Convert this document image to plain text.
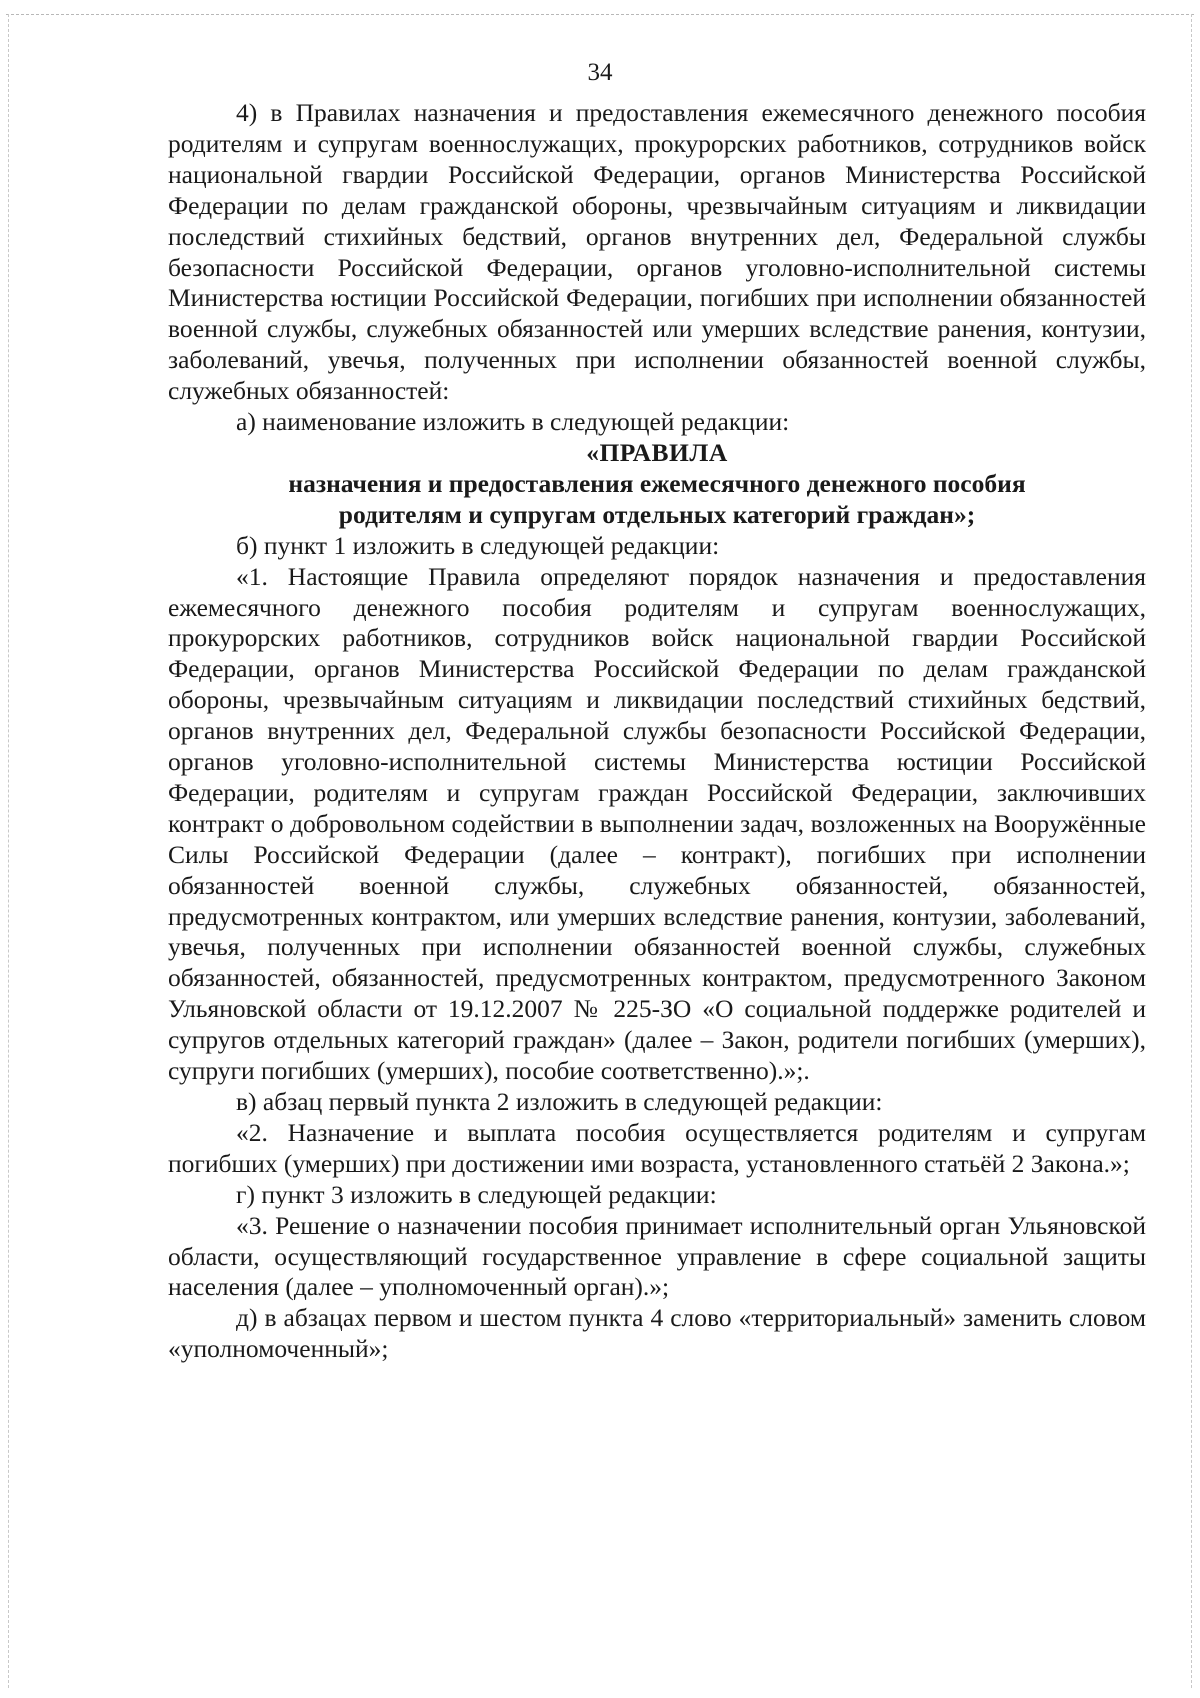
34

4) в Правилах назначения и предоставления ежемесячного денежного пособия родителям и супругам военнослужащих, прокурорских работников, сотрудников войск национальной гвардии Российской Федерации, органов Министерства Российской Федерации по делам гражданской обороны, чрезвычайным ситуациям и ликвидации последствий стихийных бедствий, органов внутренних дел, Федеральной службы безопасности Российской Федерации, органов уголовно-исполнительной системы Министерства юстиции Российской Федерации, погибших при исполнении обязанностей военной службы, служебных обязанностей или умерших вследствие ранения, контузии, заболеваний, увечья, полученных при исполнении обязанностей военной службы, служебных обязанностей:

а) наименование изложить в следующей редакции:

«ПРАВИЛА

назначения и предоставления ежемесячного денежного пособия родителям и супругам отдельных категорий граждан»;

б) пункт 1 изложить в следующей редакции:

«1. Настоящие Правила определяют порядок назначения и предоставления ежемесячного денежного пособия родителям и супругам военнослужащих, прокурорских работников, сотрудников войск национальной гвардии Российской Федерации, органов Министерства Российской Федерации по делам гражданской обороны, чрезвычайным ситуациям и ликвидации последствий стихийных бедствий, органов внутренних дел, Федеральной службы безопасности Российской Федерации, органов уголовно-исполнительной системы Министерства юстиции Российской Федерации, родителям и супругам граждан Российской Федерации, заключивших контракт о добровольном содействии в выполнении задач, возложенных на Вооружённые Силы Российской Федерации (далее – контракт), погибших при исполнении обязанностей военной службы, служебных обязанностей, обязанностей, предусмотренных контрактом, или умерших вследствие ранения, контузии, заболеваний, увечья, полученных при исполнении обязанностей военной службы, служебных обязанностей, обязанностей, предусмотренных контрактом, предусмотренного Законом Ульяновской области от 19.12.2007 № 225-ЗО «О социальной поддержке родителей и супругов отдельных категорий граждан» (далее – Закон, родители погибших (умерших), супруги погибших (умерших), пособие соответственно).»;.

в) абзац первый пункта 2 изложить в следующей редакции:

«2. Назначение и выплата пособия осуществляется родителям и супругам погибших (умерших) при достижении ими возраста, установленного статьёй 2 Закона.»;

г) пункт 3 изложить в следующей редакции:

«3. Решение о назначении пособия принимает исполнительный орган Ульяновской области, осуществляющий государственное управление в сфере социальной защиты населения (далее – уполномоченный орган).»;

д) в абзацах первом и шестом пункта 4 слово «территориальный» заменить словом «уполномоченный»;
